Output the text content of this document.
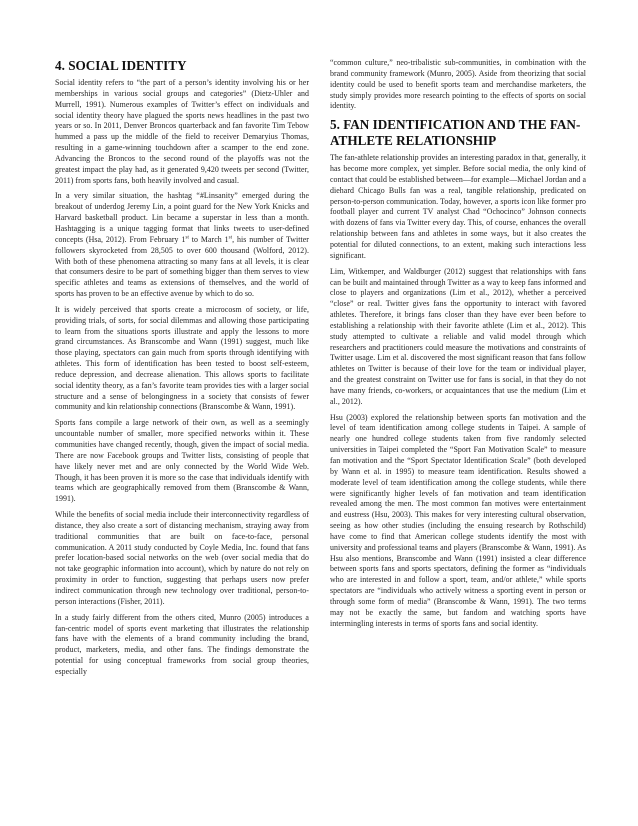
4. SOCIAL IDENTITY

Social identity refers to “the part of a person’s identity involving his or her memberships in various social groups and categories” (Dietz-Uhler and Murrell, 1991). Numerous examples of Twitter’s effect on individuals and social identity theory have plagued the sports news headlines in the past two years or so. In 2011, Denver Broncos quarterback and fan favorite Tim Tebow hummed a pass up the middle of the field to receiver Demaryius Thomas, resulting in a game-winning touchdown after a scamper to the end zone. Advancing the Broncos to the second round of the playoffs was not the greatest impact the play had, as it generated 9,420 tweets per second (Twitter, 2011) from sports fans, both heavily involved and casual.

In a very similar situation, the hashtag “#Linsanity” emerged during the breakout of underdog Jeremy Lin, a point guard for the New York Knicks and Harvard basketball product. Lin became a superstar in less than a month. Hashtagging is a unique tagging format that links tweets to user-defined concepts (Hsa, 2012). From February 1st to March 1st, his number of Twitter followers skyrocketed from 28,505 to over 600 thousand (Wolford, 2012). With both of these phenomena attracting so many fans at all levels, it is clear that consumers desire to be part of something bigger than them serves to view specific athletes and teams as extensions of themselves, and the world of sports has proven to be an effective avenue by which to do so.

It is widely perceived that sports create a microcosm of society, or life, providing trials, of sorts, for social dilemmas and allowing those participating to learn from the situations sports illustrate and apply the lessons to more grand circumstances. As Branscombe and Wann (1991) suggest, much like those playing, spectators can gain much from sports through identifying with athletes. This form of identification has been tested to boost self-esteem, reduce depression, and decrease alienation. This allows sports to facilitate social identity theory, as a fan’s favorite team provides ties with a larger social structure and a sense of belongingness in a society that consists of fewer community and kin relationship connections (Branscombe & Wann, 1991).

Sports fans compile a large network of their own, as well as a seemingly uncountable number of smaller, more specified networks within it. These communities have changed recently, though, given the impact of social media. There are now Facebook groups and Twitter lists, consisting of people that have likely never met and are only connected by the World Wide Web. Though, it has been proven it is more so the case that individuals identify with teams which are geographically removed from them (Branscombe & Wann, 1991).

While the benefits of social media include their interconnectivity regardless of distance, they also create a sort of distancing mechanism, straying away from traditional communities that are built on face-to-face, personal communication. A 2011 study conducted by Coyle Media, Inc. found that fans prefer location-based social networks on the web (over social media that do not take geographic information into account), which by nature do not rely on proximity in order to function, suggesting that perhaps users now prefer indirect communication through new technology over traditional, person-to-person interactions (Fisher, 2011).

In a study fairly different from the others cited, Munro (2005) introduces a fan-centric model of sports event marketing that illustrates the relationship fans have with the elements of a brand community including the brand, product, marketers, media, and other fans. The findings demonstrate the potential for using conceptual frameworks from social group theories, especially

“common culture,” neo-tribalistic sub-communities, in combination with the brand community framework (Munro, 2005). Aside from theorizing that social identity could be used to benefit sports team and merchandise marketers, the study simply provides more research pointing to the effects of sports on social identity.

5. FAN IDENTIFICATION AND THE FAN-ATHLETE RELATIONSHIP

The fan-athlete relationship provides an interesting paradox in that, generally, it has become more complex, yet simpler. Before social media, the only kind of contact that could be established between—for example—Michael Jordan and a diehard Chicago Bulls fan was a real, tangible relationship, predicated on person-to-person communication. Today, however, a sports icon like former pro football player and current TV analyst Chad “Ochocinco” Johnson connects with dozens of fans via Twitter every day. This, of course, enhances the overall relationship between fans and athletes in some ways, but it also creates the potential for diluted connections, to an extent, making such interactions less significant.

Lim, Witkemper, and Waldburger (2012) suggest that relationships with fans can be built and maintained through Twitter as a way to keep fans informed and close to players and organizations (Lim et al., 2012), whether a perceived “close” or real. Twitter gives fans the opportunity to interact with favored athletes. Therefore, it brings fans closer than they have ever been before to establishing a relationship with their favorite athlete (Lim et al., 2012). This study attempted to cultivate a reliable and valid model through which researchers and practitioners could measure the motivations and constraints of Twitter usage. Lim et al. discovered the most significant reason that fans follow athletes on Twitter is because of their love for the team or individual player, and the greatest constraint on Twitter use for fans is social, in that they do not have many friends, co-workers, or acquaintances that use the medium (Lim et al., 2012).

Hsu (2003) explored the relationship between sports fan motivation and the level of team identification among college students in Taipei. A sample of nearly one hundred college students taken from five randomly selected universities in Taipei completed the “Sport Fan Motivation Scale” to measure fan motivation and the “Sport Spectator Identification Scale” (both developed by Wann et al. in 1995) to measure team identification. Results showed a moderate level of team identification among the college students, while there were significantly higher levels of fan motivation and team identification revealed among the men. The most common fan motives were entertainment and eustress (Hsu, 2003). This makes for very interesting cultural observation, seeing as how other studies (including the ensuing research by Rothschild) have come to find that American college students identify the most with university and professional teams and players (Branscombe & Wann, 1991). As Hsu also mentions, Branscombe and Wann (1991) insisted a clear difference between sports fans and sports spectators, defining the former as “individuals who are interested in and follow a sport, team, and/or athlete,” while sports spectators are “individuals who actively witness a sporting event in person or through some form of media” (Branscombe & Wann, 1991). The two terms may not be exactly the same, but fandom and watching sports have intermingling interests in terms of sports fans and social identity.
